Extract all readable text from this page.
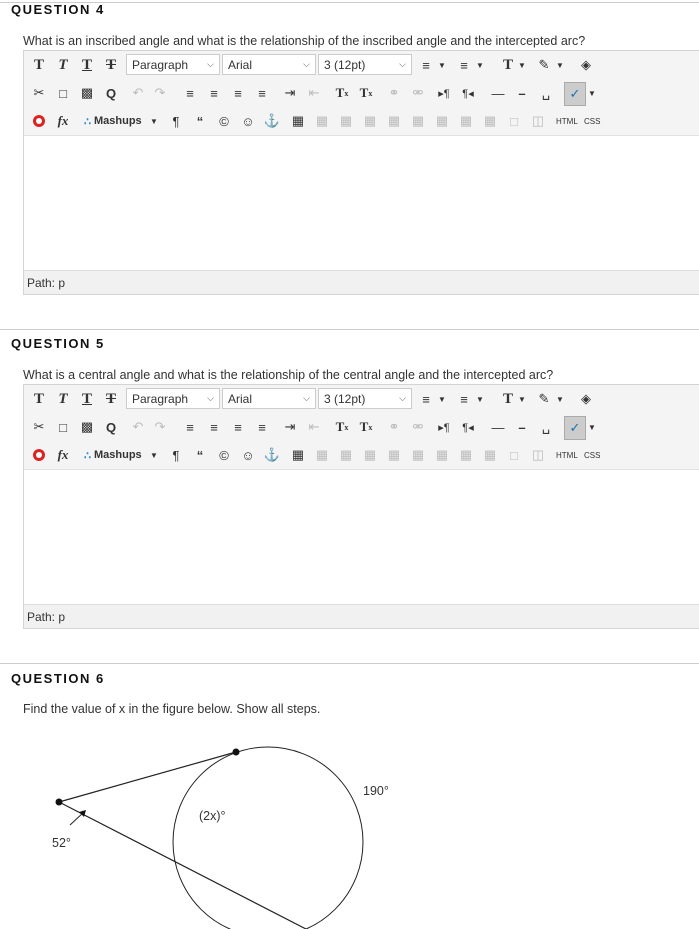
QUESTION 4
What is an inscribed angle and what is the relationship of the inscribed angle and the intercepted arc?
T T T T	Paragraph ⌵ Arial	⌵ 3 (12pt)	⌵	≡	▼	≡	▼	T ▼ ✎ ▼	◈
✂	□	▩ Q	↶ ↷	≡	≡	≡	≡	⇥	⇤	T x T x	⚭	⚮	▸¶	¶◂	—	–	␣	✓ ▼
fx	∴ Mashups ▼	¶	“	© ☺ ⚓ ▦ ▦ ▦ ▦ ▦ ▦ ▦ ▦ ▦	□	◫	HTML CSS
Path: p
QUESTION 5
What is a central angle and what is the relationship of the central angle and the intercepted arc?
T T T T	Paragraph ⌵ Arial	⌵ 3 (12pt)	⌵	≡	▼	≡	▼	T ▼ ✎ ▼	◈
✂	□	▩ Q	↶ ↷	≡	≡	≡	≡	⇥	⇤	T x T x	⚭	⚮	▸¶	¶◂	—	–	␣	✓ ▼
fx	∴ Mashups ▼	¶	“	© ☺ ⚓ ▦ ▦ ▦ ▦ ▦ ▦ ▦ ▦ ▦	□	◫	HTML CSS
Path: p
QUESTION 6
Find the value of x in the figure below. Show all steps.
190°
(2x)°
52°
